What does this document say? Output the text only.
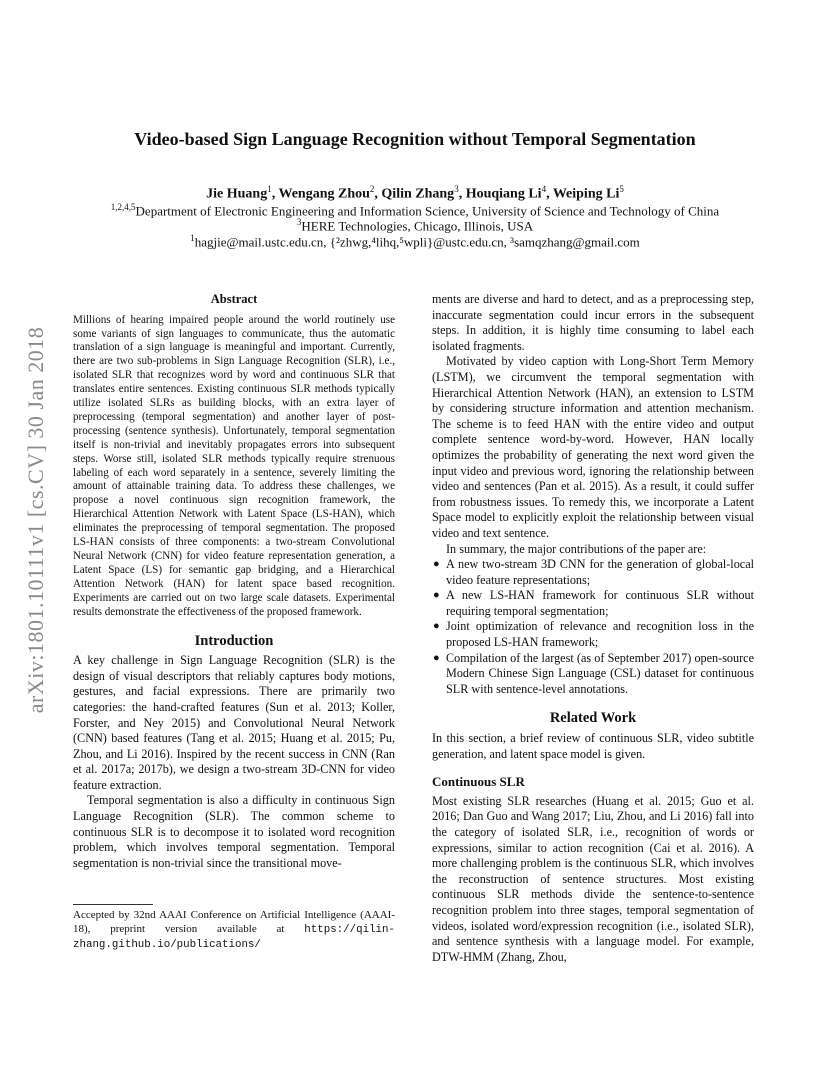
arXiv:1801.10111v1 [cs.CV] 30 Jan 2018
Video-based Sign Language Recognition without Temporal Segmentation
Jie Huang$^1$, Wengang Zhou$^2$, Qilin Zhang$^3$, Houqiang Li$^4$, Weiping Li$^5$
$^{1,2,4,5}$Department of Electronic Engineering and Information Science, University of Science and Technology of China
$^3$HERE Technologies, Chicago, Illinois, USA
$^1$hagjie@mail.ustc.edu.cn, {²zhwg,⁴lihq,⁵wpli}@ustc.edu.cn, ³samqzhang@gmail.com
Abstract

Millions of hearing impaired people around the world routinely use some variants of sign languages to communicate, thus the automatic translation of a sign language is meaningful and important. Currently, there are two sub-problems in Sign Language Recognition (SLR), i.e., isolated SLR that recognizes word by word and continuous SLR that translates entire sentences. Existing continuous SLR methods typically utilize isolated SLRs as building blocks, with an extra layer of preprocessing (temporal segmentation) and another layer of post-processing (sentence synthesis). Unfortunately, temporal segmentation itself is non-trivial and inevitably propagates errors into subsequent steps. Worse still, isolated SLR methods typically require strenuous labeling of each word separately in a sentence, severely limiting the amount of attainable training data. To address these challenges, we propose a novel continuous sign recognition framework, the Hierarchical Attention Network with Latent Space (LS-HAN), which eliminates the preprocessing of temporal segmentation. The proposed LS-HAN consists of three components: a two-stream Convolutional Neural Network (CNN) for video feature representation generation, a Latent Space (LS) for semantic gap bridging, and a Hierarchical Attention Network (HAN) for latent space based recognition. Experiments are carried out on two large scale datasets. Experimental results demonstrate the effectiveness of the proposed framework.

Introduction

A key challenge in Sign Language Recognition (SLR) is the design of visual descriptors that reliably captures body motions, gestures, and facial expressions. There are primarily two categories: the hand-crafted features (Sun et al. 2013; Koller, Forster, and Ney 2015) and Convolutional Neural Network (CNN) based features (Tang et al. 2015; Huang et al. 2015; Pu, Zhou, and Li 2016). Inspired by the recent success in CNN (Ran et al. 2017a; 2017b), we design a two-stream 3D-CNN for video feature extraction.

Temporal segmentation is also a difficulty in continuous Sign Language Recognition (SLR). The common scheme to continuous SLR is to decompose it to isolated word recognition problem, which involves temporal segmentation. Temporal segmentation is non-trivial since the transitional move-

Accepted by 32nd AAAI Conference on Artificial Intelligence (AAAI-18), preprint version available at https://qilin-zhang.github.io/publications/

ments are diverse and hard to detect, and as a preprocessing step, inaccurate segmentation could incur errors in the subsequent steps. In addition, it is highly time consuming to label each isolated fragments.

Motivated by video caption with Long-Short Term Memory (LSTM), we circumvent the temporal segmentation with Hierarchical Attention Network (HAN), an extension to LSTM by considering structure information and attention mechanism. The scheme is to feed HAN with the entire video and output complete sentence word-by-word. However, HAN locally optimizes the probability of generating the next word given the input video and previous word, ignoring the relationship between video and sentences (Pan et al. 2015). As a result, it could suffer from robustness issues. To remedy this, we incorporate a Latent Space model to explicitly exploit the relationship between visual video and text sentence.

In summary, the major contributions of the paper are:

● A new two-stream 3D CNN for the generation of global-local video feature representations;
● A new LS-HAN framework for continuous SLR without requiring temporal segmentation;
● Joint optimization of relevance and recognition loss in the proposed LS-HAN framework;
● Compilation of the largest (as of September 2017) open-source Modern Chinese Sign Language (CSL) dataset for continuous SLR with sentence-level annotations.
Related Work

In this section, a brief review of continuous SLR, video subtitle generation, and latent space model is given.

Continuous SLR

Most existing SLR researches (Huang et al. 2015; Guo et al. 2016; Dan Guo and Wang 2017; Liu, Zhou, and Li 2016) fall into the category of isolated SLR, i.e., recognition of words or expressions, similar to action recognition (Cai et al. 2016). A more challenging problem is the continuous SLR, which involves the reconstruction of sentence structures. Most existing continuous SLR methods divide the sentence-to-sentence recognition problem into three stages, temporal segmentation of videos, isolated word/expression recognition (i.e., isolated SLR), and sentence synthesis with a language model. For example, DTW-HMM (Zhang, Zhou,
